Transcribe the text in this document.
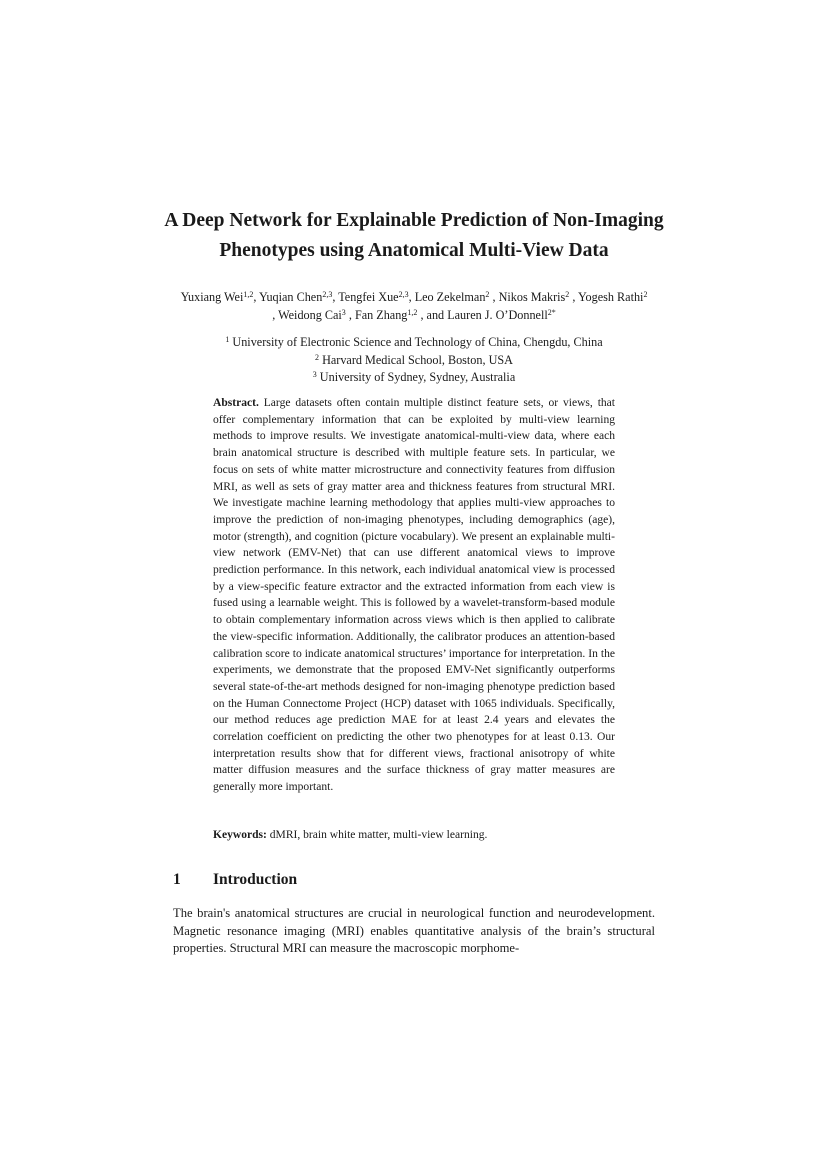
A Deep Network for Explainable Prediction of Non-Imaging Phenotypes using Anatomical Multi-View Data

Yuxiang Wei$^{1,2}$, Yuqian Chen$^{2,3}$, Tengfei Xue$^{2,3}$, Leo Zekelman$^2$ , Nikos Makris$^2$ , Yogesh Rathi$^2$ , Weidong Cai$^3$ , Fan Zhang$^{1,2}$ , and Lauren J. O’Donnell$^{2*}$

$^1$ University of Electronic Science and Technology of China, Chengdu, China
$^2$ Harvard Medical School, Boston, USA
$^3$ University of Sydney, Sydney, Australia

Abstract. Large datasets often contain multiple distinct feature sets, or views, that offer complementary information that can be exploited by multi-view learning methods to improve results. We investigate anatomical-multi-view data, where each brain anatomical structure is described with multiple feature sets. In particular, we focus on sets of white matter microstructure and connectivity features from diffusion MRI, as well as sets of gray matter area and thickness features from structural MRI. We investigate machine learning methodology that applies multi-view approaches to improve the prediction of non-imaging phenotypes, including demographics (age), motor (strength), and cognition (picture vocabulary). We present an explainable multi-view network (EMV-Net) that can use different anatomical views to improve prediction performance. In this network, each individual anatomical view is processed by a view-specific feature extractor and the extracted information from each view is fused using a learnable weight. This is followed by a wavelet-transform-based module to obtain complementary information across views which is then applied to calibrate the view-specific information. Additionally, the calibrator produces an attention-based calibration score to indicate anatomical structures’ importance for interpretation. In the experiments, we demonstrate that the proposed EMV-Net significantly outperforms several state-of-the-art methods designed for non-imaging phenotype prediction based on the Human Connectome Project (HCP) dataset with 1065 individuals. Specifically, our method reduces age prediction MAE for at least 2.4 years and elevates the correlation coefficient on predicting the other two phenotypes for at least 0.13. Our interpretation results show that for different views, fractional anisotropy of white matter diffusion measures and the surface thickness of gray matter measures are generally more important.

Keywords: dMRI, brain white matter, multi-view learning.

1 Introduction

The brain's anatomical structures are crucial in neurological function and neurodevelopment. Magnetic resonance imaging (MRI) enables quantitative analysis of the brain’s structural properties. Structural MRI can measure the macroscopic morphome-
